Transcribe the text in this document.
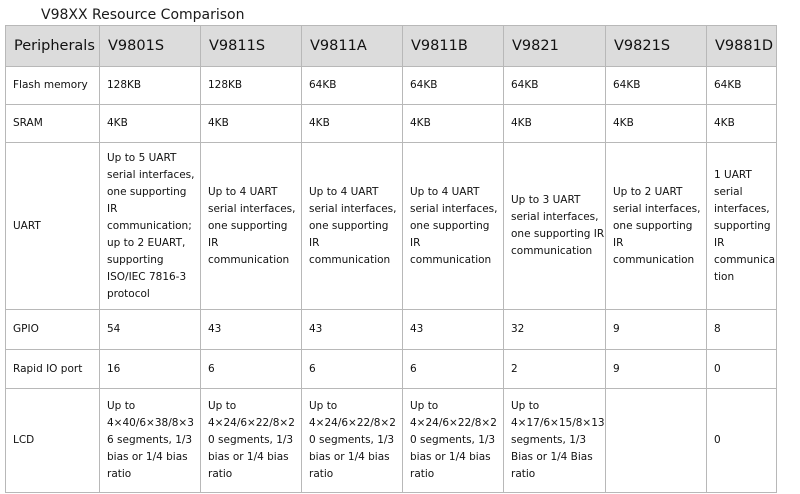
V98XX Resource Comparison
Peripherals	V9801S	V9811S	V9811A	V9811B	V9821	V9821S	V9881D
Flash memory	128KB	128KB	64KB	64KB	64KB	64KB	64KB
SRAM	4KB	4KB	4KB	4KB	4KB	4KB	4KB
UART	Up to 5 UART serial interfaces, one supporting IR communication; up to 2 EUART, supporting ISO/IEC 7816-3 protocol	Up to 4 UART serial interfaces, one supporting IR communication	Up to 4 UART serial interfaces, one supporting IR communication	Up to 4 UART serial interfaces, one supporting IR communication	Up to 3 UART serial interfaces, one supporting IR communication	Up to 2 UART serial interfaces, one supporting IR communication	1 UART serial interfaces, supporting IR communication
GPIO	54	43	43	43	32	9	8
Rapid IO port	16	6	6	6	2	9	0
LCD	Up to 4×40/6×38/8×36 segments, 1/3 bias or 1/4 bias ratio	Up to 4×24/6×22/8×20 segments, 1/3 bias or 1/4 bias ratio	Up to 4×24/6×22/8×20 segments, 1/3 bias or 1/4 bias ratio	Up to 4×24/6×22/8×20 segments, 1/3 bias or 1/4 bias ratio	Up to 4×17/6×15/8×13 segments, 1/3 Bias or 1/4 Bias ratio		0
